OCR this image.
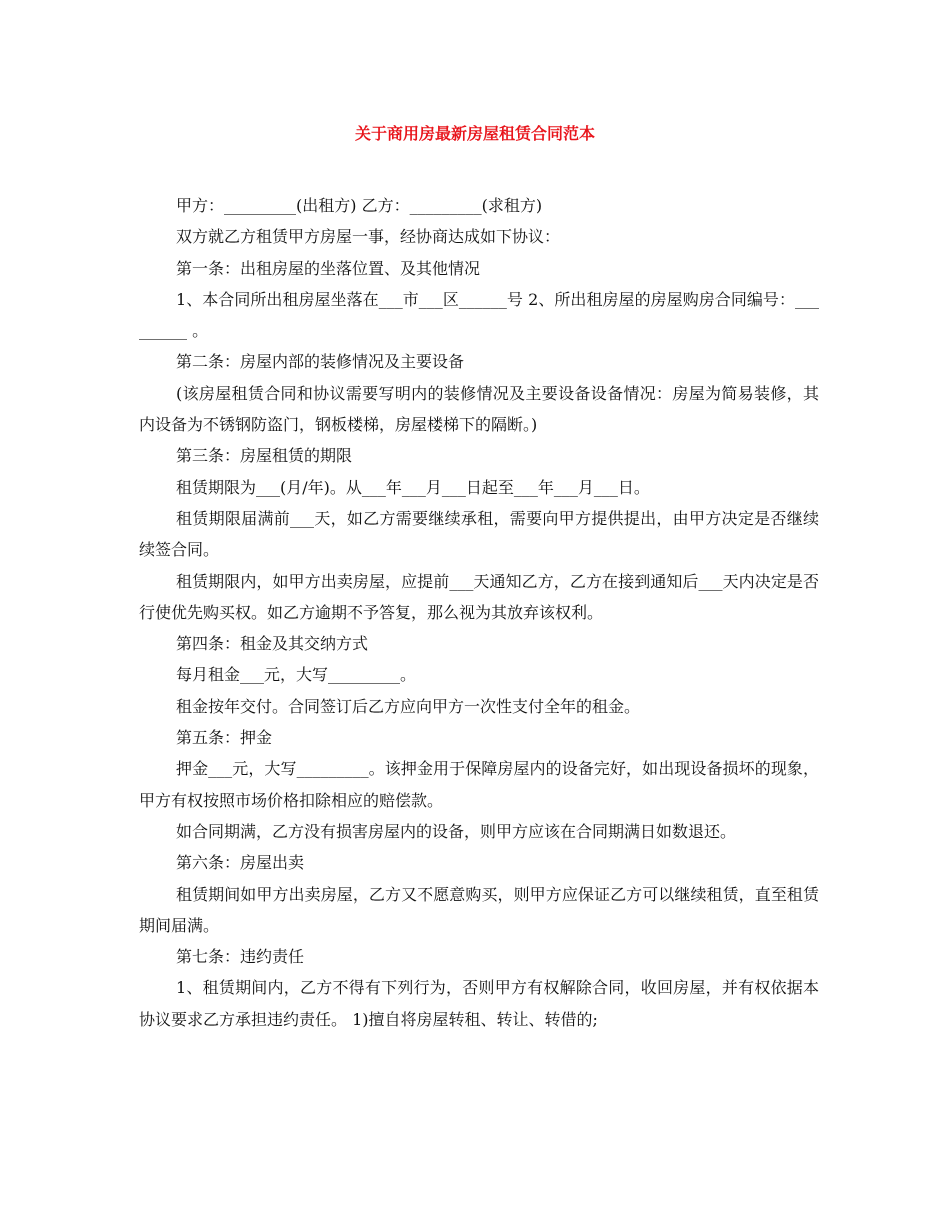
关于商用房最新房屋租赁合同范本

甲方：_________(出租方) 乙方：_________(求租方)

双方就乙方租赁甲方房屋一事，经协商达成如下协议：

第一条：出租房屋的坐落位置、及其他情况

1、本合同所出租房屋坐落在___市___区______号 2、所出租房屋的房屋购房合同编号：_________ 。

第二条：房屋内部的装修情况及主要设备

(该房屋租赁合同和协议需要写明内的装修情况及主要设备设备情况：房屋为简易装修，其内设备为不锈钢防盗门，钢板楼梯，房屋楼梯下的隔断。)

第三条：房屋租赁的期限

租赁期限为___(月/年)。从___年___月___日起至___年___月___日。

租赁期限届满前___天，如乙方需要继续承租，需要向甲方提供提出，由甲方决定是否继续续签合同。

租赁期限内，如甲方出卖房屋，应提前___天通知乙方，乙方在接到通知后___天内决定是否行使优先购买权。如乙方逾期不予答复，那么视为其放弃该权利。

第四条：租金及其交纳方式

每月租金___元，大写_________。

租金按年交付。合同签订后乙方应向甲方一次性支付全年的租金。

第五条：押金

押金___元，大写_________。该押金用于保障房屋内的设备完好，如出现设备损坏的现象，甲方有权按照市场价格扣除相应的赔偿款。

如合同期满，乙方没有损害房屋内的设备，则甲方应该在合同期满日如数退还。

第六条：房屋出卖

租赁期间如甲方出卖房屋，乙方又不愿意购买，则甲方应保证乙方可以继续租赁，直至租赁期间届满。

第七条：违约责任

1、租赁期间内，乙方不得有下列行为，否则甲方有权解除合同，收回房屋，并有权依据本协议要求乙方承担违约责任。 1)擅自将房屋转租、转让、转借的;
